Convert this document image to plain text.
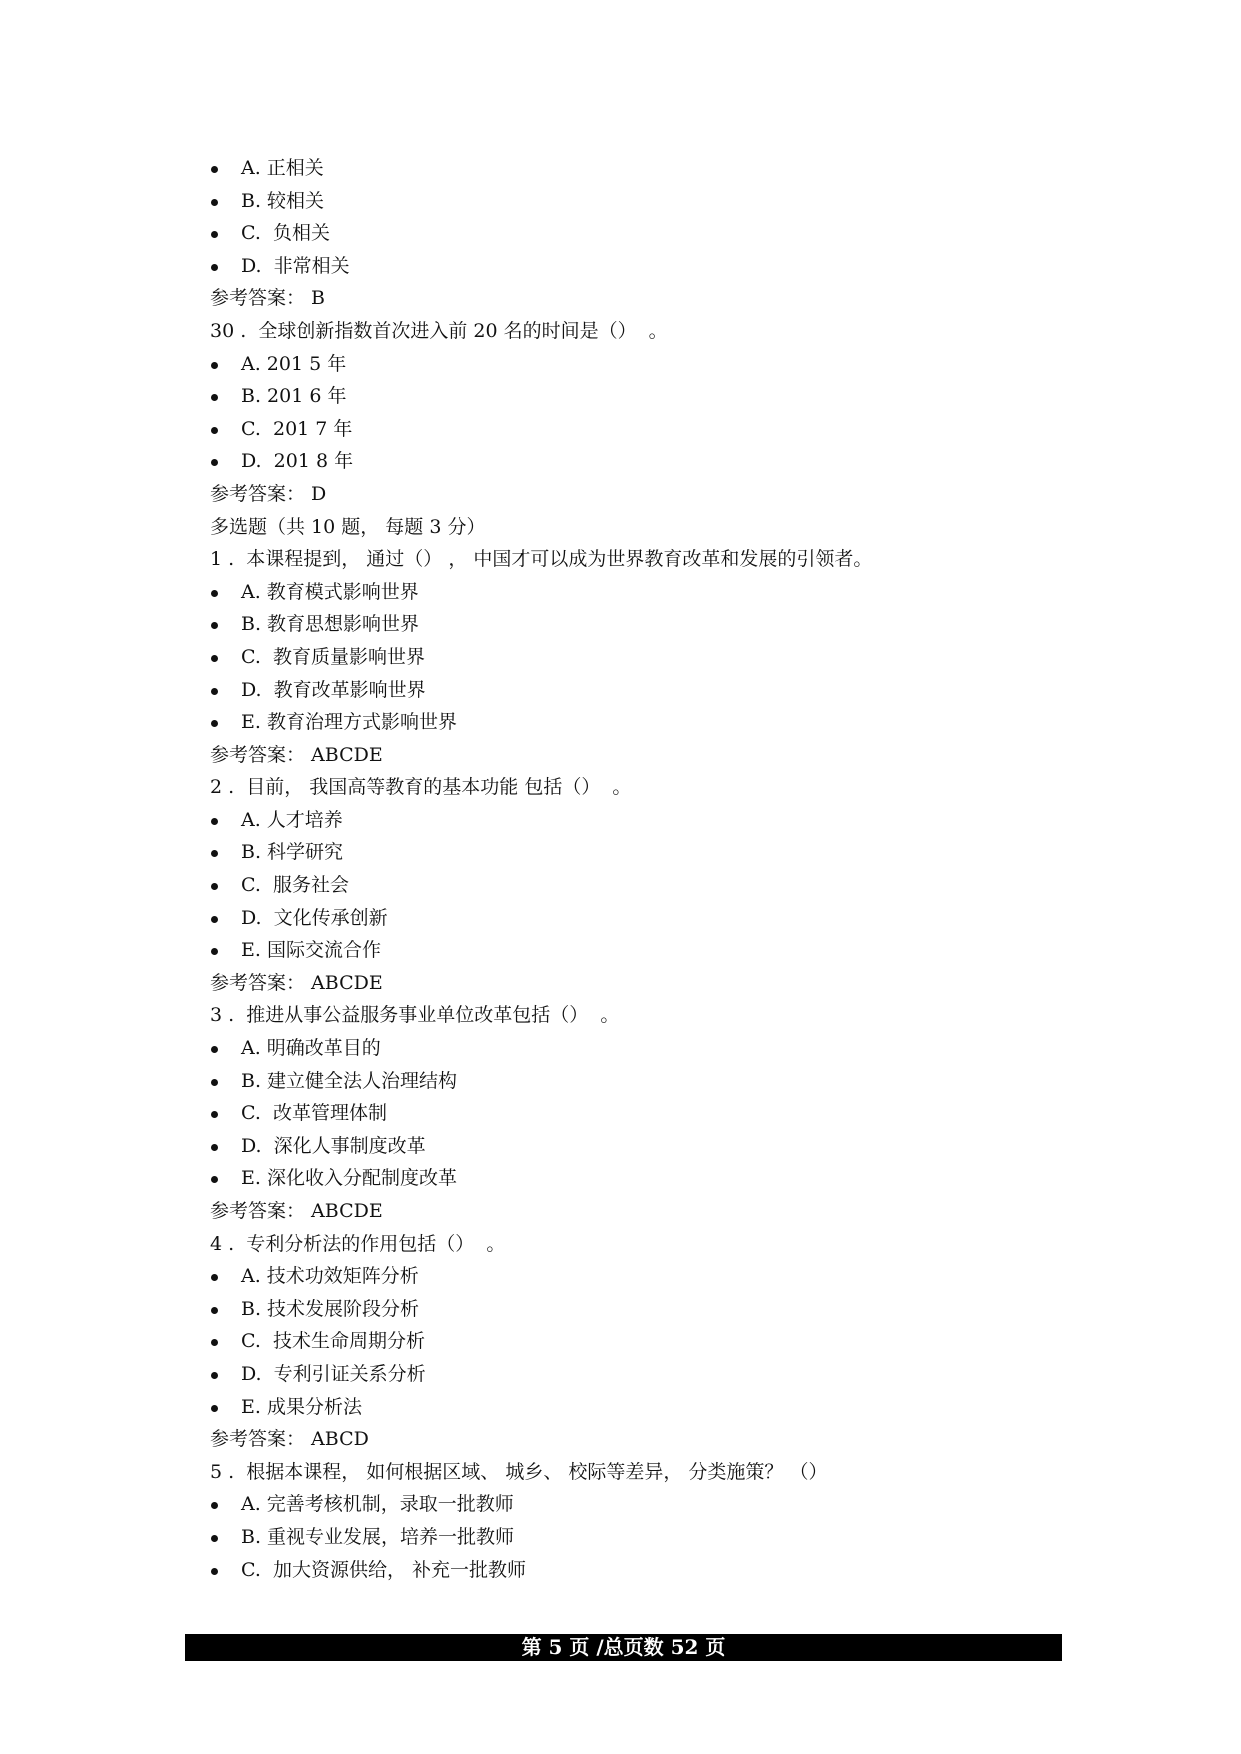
A. 正相关
B. 较相关
C.  负相关
D.  非常相关
参考答案： B
30 .  全球创新指数首次进入前 20 名的时间是（）  。
A. 201 5 年
B. 201 6 年
C.  201 7 年
D.  201 8 年
参考答案： D
多选题（共 10 题， 每题 3 分）
1 .  本课程提到， 通过（） ， 中国才可以成为世界教育改革和发展的引领者。
A. 教育模式影响世界
B. 教育思想影响世界
C.  教育质量影响世界
D.  教育改革影响世界
E. 教育治理方式影响世界
参考答案： ABCDE
2 .  目前， 我国高等教育的基本功能 包括（）  。
A. 人才培养
B. 科学研究
C.  服务社会
D.  文化传承创新
E. 国际交流合作
参考答案： ABCDE
3 .  推进从事公益服务事业单位改革包括（）  。
A. 明确改革目的
B. 建立健全法人治理结构
C.  改革管理体制
D.  深化人事制度改革
E. 深化收入分配制度改革
参考答案： ABCDE
4 .  专利分析法的作用包括（）  。
A. 技术功效矩阵分析
B. 技术发展阶段分析
C.  技术生命周期分析
D.  专利引证关系分析
E. 成果分析法
参考答案： ABCD
5 .  根据本课程， 如何根据区域、 城乡、 校际等差异， 分类施策？ （）
A. 完善考核机制，录取一批教师
B. 重视专业发展，培养一批教师
C.  加大资源供给， 补充一批教师
第 5 页 /总页数 52 页
